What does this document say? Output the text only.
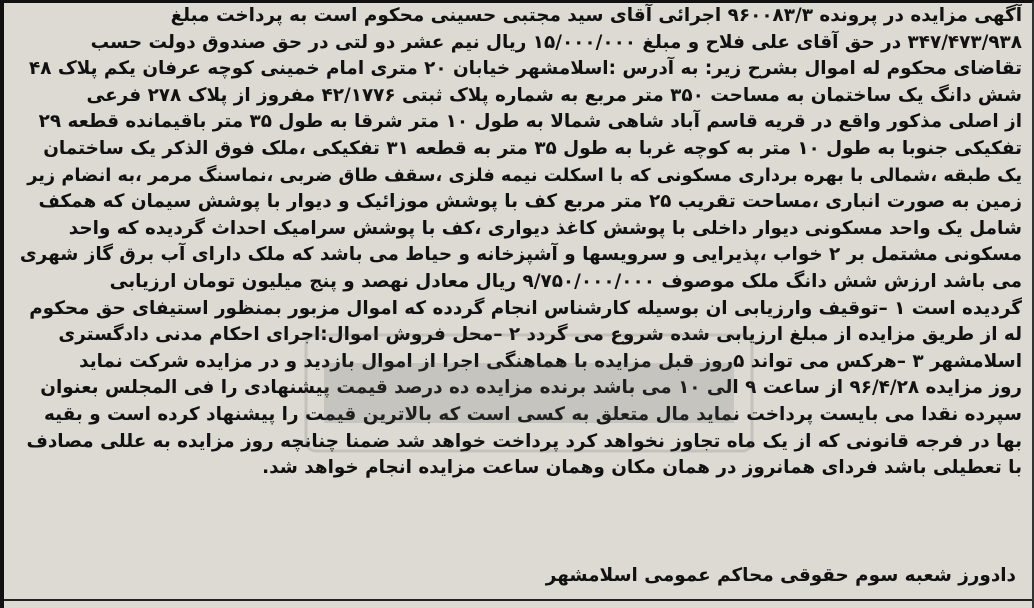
آگهی مزایده در پرونده ۹۶۰۰۸۳/۳ اجرائی آقای سید مجتبی حسینی محکوم است به پرداخت مبلغ
۳۴۷/۴۷۳/۹۳۸ در حق آقای علی فلاح و مبلغ ۱۵/۰۰۰/۰۰۰ ریال نیم عشر دو لتی در حق صندوق دولت حسب
تقاضای محکوم له اموال بشرح زیر: به آدرس :اسلامشهر خیابان ۲۰ متری امام خمینی کوچه عرفان یکم پلاک ۴۸
شش دانگ یک ساختمان به مساحت ۳۵۰ متر مربع به شماره پلاک ثبتی ۴۲/۱۷۷۶ مفروز از پلاک ۲۷۸ فرعی
از اصلی مذکور واقع در قریه قاسم آباد شاهی شمالا به طول ۱۰ متر شرقا به طول ۳۵ متر باقیمانده قطعه ۲۹
تفکیکی جنوبا به طول ۱۰ متر به کوچه غربا به طول ۳۵ متر به قطعه ۳۱ تفکیکی ،ملک فوق الذکر یک ساختمان
یک طبقه ،شمالی با بهره برداری مسکونی که با اسکلت نیمه فلزی ،سقف طاق ضربی ،نماسنگ مرمر ،به انضام زیر
زمین به صورت انباری ،مساحت تقریب ۲۵ متر مربع کف با پوشش موزائیک و دیوار با پوشش سیمان که همکف
شامل یک واحد مسکونی دیوار داخلی با پوشش کاغذ دیواری ،کف با پوشش سرامیک احداث گردیده که واحد
مسکونی مشتمل بر ۲ خواب ،پذیرایی و سرویسها و آشپزخانه و حیاط می باشد که ملک دارای آب برق گاز شهری
می باشد ارزش شش دانگ ملک موصوف ۹/۷۵۰/۰۰۰/۰۰۰ ریال معادل نهصد و پنج میلیون تومان ارزیابی
گردیده است ۱ –توقیف وارزیابی ان بوسیله کارشناس انجام گردده که اموال مزبور بمنظور استیفای حق محکوم
له از طریق مزایده از مبلغ ارزیابی شده شروع می گردد ۲ –محل فروش اموال:اجرای احکام مدنی دادگستری
اسلامشهر ۳ –هرکس می تواند ۵روز قبل مزایده با هماهنگی اجرا از اموال بازدید و در مزایده شرکت نماید
روز مزایده ۹۶/۴/۲۸ از ساعت ۹ الی ۱۰ می باشد برنده مزایده ده درصد قیمت پیشنهادی را فی المجلس بعنوان
سپرده نقدا می بایست پرداخت نماید مال متعلق به کسی است که بالاترین قیمت را پیشنهاد کرده است و بقیه
بها در فرجه قانونی که از یک ماه تجاوز نخواهد کرد پرداخت خواهد شد ضمنا چنانچه روز مزایده به عللی مصادف
با تعطیلی باشد فردای همانروز در همان مکان وهمان ساعت مزایده انجام خواهد شد.
دادورز شعبه سوم حقوقی محاکم عمومی اسلامشهر
